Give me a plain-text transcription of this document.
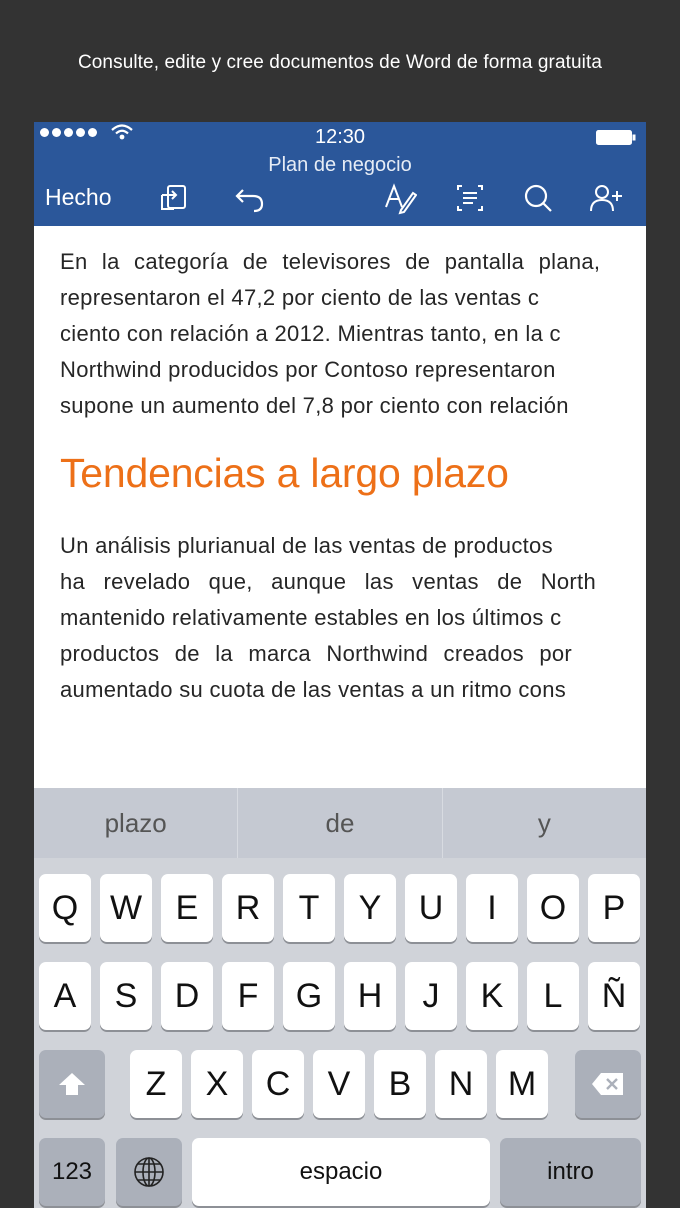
Consulte, edite y cree documentos de Word de forma gratuita
12:30
Plan de negocio
Hecho
En la categoría de televisores de pantalla plana,
representaron el 47,2 por ciento de las ventas c
ciento con relación a 2012. Mientras tanto, en la c
Northwind producidos por Contoso representaron
supone un aumento del 7,8 por ciento con relación
Tendencias a largo plazo
Un análisis plurianual de las ventas de productos
ha revelado que, aunque las ventas de North
mantenido relativamente estables en los últimos c
productos de la marca Northwind creados por
aumentado su cuota de las ventas a un ritmo cons
plazo	de	y
Q W E	R	T	Y	U	I	O	P
A	S	D	F	G	H	J	K	L	Ñ
Z	X	C	V	B	N	M
123	espacio	intro
